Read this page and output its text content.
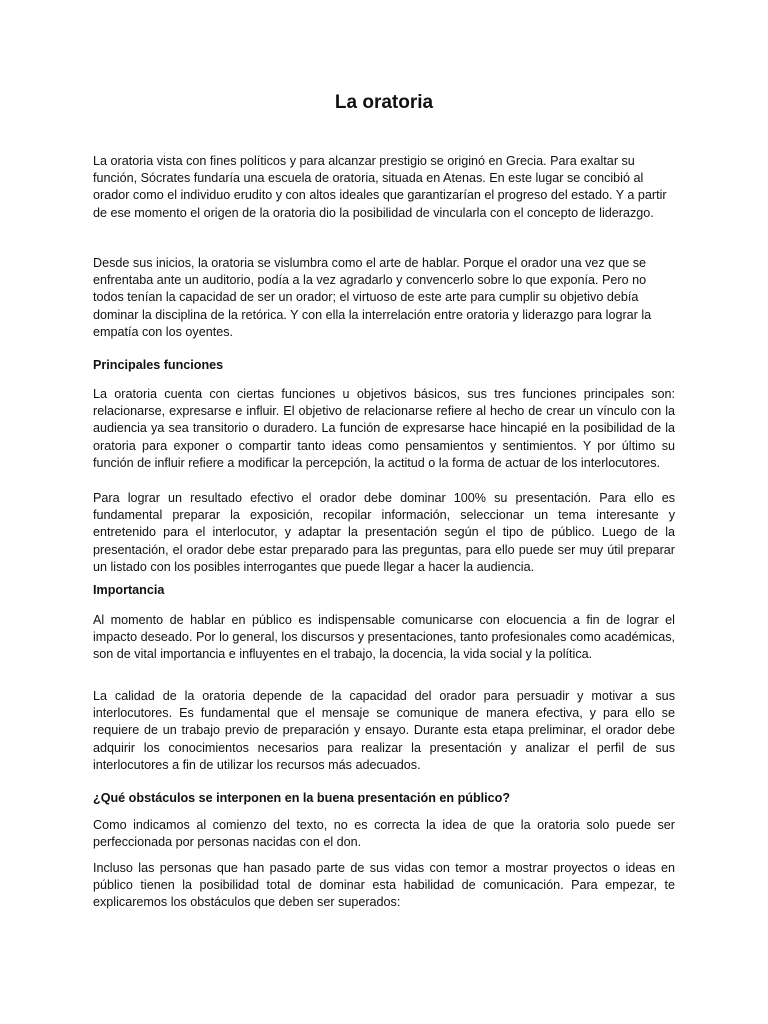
La oratoria

La oratoria vista con fines políticos y para alcanzar prestigio se originó en Grecia. Para exaltar su función, Sócrates fundaría una escuela de oratoria, situada en Atenas. En este lugar se concibió al orador como el individuo erudito y con altos ideales que garantizarían el progreso del estado. Y a partir de ese momento el origen de la oratoria dio la posibilidad de vincularla con el concepto de liderazgo.

Desde sus inicios, la oratoria se vislumbra como el arte de hablar. Porque el orador una vez que se enfrentaba ante un auditorio, podía a la vez agradarlo y convencerlo sobre lo que exponía. Pero no todos tenían la capacidad de ser un orador; el virtuoso de este arte para cumplir su objetivo debía dominar la disciplina de la retórica. Y con ella la interrelación entre oratoria y liderazgo para lograr la empatía con los oyentes.

Principales funciones

La oratoria cuenta con ciertas funciones u objetivos básicos, sus tres funciones principales son: relacionarse, expresarse e influir. El objetivo de relacionarse refiere al hecho de crear un vínculo con la audiencia ya sea transitorio o duradero. La función de expresarse hace hincapié en la posibilidad de la oratoria para exponer o compartir tanto ideas como pensamientos y sentimientos. Y por último su función de influir refiere a modificar la percepción, la actitud o la forma de actuar de los interlocutores.

Para lograr un resultado efectivo el orador debe dominar 100% su presentación. Para ello es fundamental preparar la exposición, recopilar información, seleccionar un tema interesante y entretenido para el interlocutor, y adaptar la presentación según el tipo de público. Luego de la presentación, el orador debe estar preparado para las preguntas, para ello puede ser muy útil preparar un listado con los posibles interrogantes que puede llegar a hacer la audiencia.

Importancia

Al momento de hablar en público es indispensable comunicarse con elocuencia a fin de lograr el impacto deseado. Por lo general, los discursos y presentaciones, tanto profesionales como académicas, son de vital importancia e influyentes en el trabajo, la docencia, la vida social y la política.

La calidad de la oratoria depende de la capacidad del orador para persuadir y motivar a sus interlocutores. Es fundamental que el mensaje se comunique de manera efectiva, y para ello se requiere de un trabajo previo de preparación y ensayo. Durante esta etapa preliminar, el orador debe adquirir los conocimientos necesarios para realizar la presentación y analizar el perfil de sus interlocutores a fin de utilizar los recursos más adecuados.

¿Qué obstáculos se interponen en la buena presentación en público?

Como indicamos al comienzo del texto, no es correcta la idea de que la oratoria solo puede ser perfeccionada por personas nacidas con el don.

Incluso las personas que han pasado parte de sus vidas con temor a mostrar proyectos o ideas en público tienen la posibilidad total de dominar esta habilidad de comunicación. Para empezar, te explicaremos los obstáculos que deben ser superados:
